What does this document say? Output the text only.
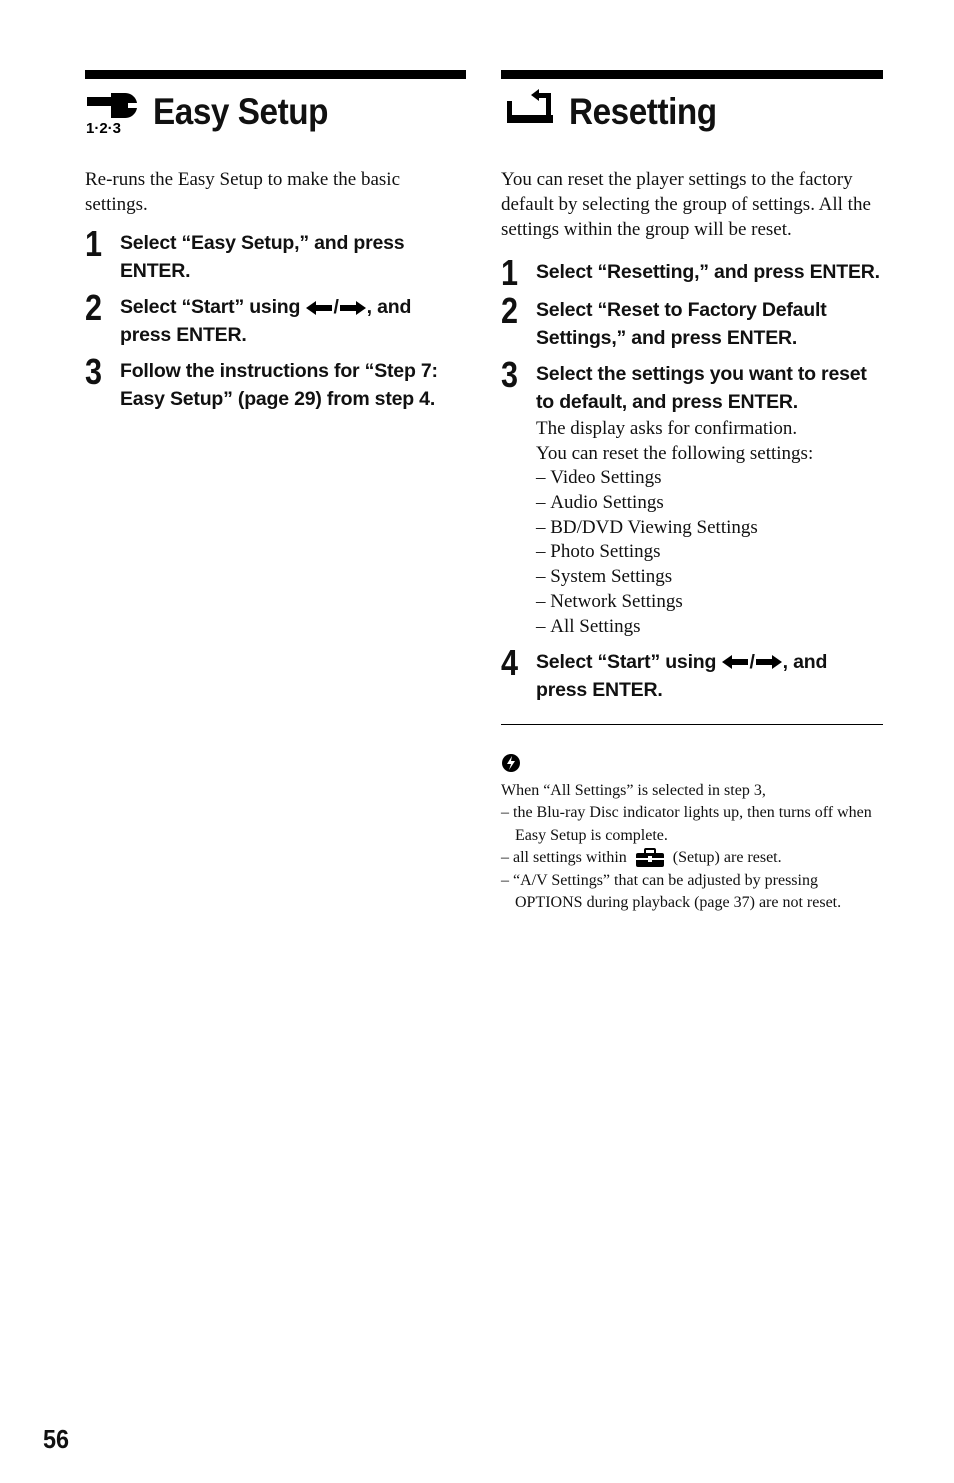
1·2·3 Easy Setup

Re-runs the Easy Setup to make the basic settings.

1 Select “Easy Setup,” and press ENTER.
2 Select “Start” using / , and press ENTER.
3 Follow the instructions for “Step 7: Easy Setup” (page 29) from step 4.
Resetting

You can reset the player settings to the factory default by selecting the group of settings. All the settings within the group will be reset.

1 Select “Resetting,” and press ENTER.
2 Select “Reset to Factory Default Settings,” and press ENTER.
3 Select the settings you want to reset to default, and press ENTER.
The display asks for confirmation.
You can reset the following settings:
– Video Settings
– Audio Settings
– BD/DVD Viewing Settings
– Photo Settings
– System Settings
– Network Settings
– All Settings
4 Select “Start” using / , and press ENTER.
When “All Settings” is selected in step 3,
– the Blu-ray Disc indicator lights up, then turns off when Easy Setup is complete.
– all settings within  (Setup) are reset.
– “A/V Settings” that can be adjusted by pressing OPTIONS during playback (page 37) are not reset.
56
